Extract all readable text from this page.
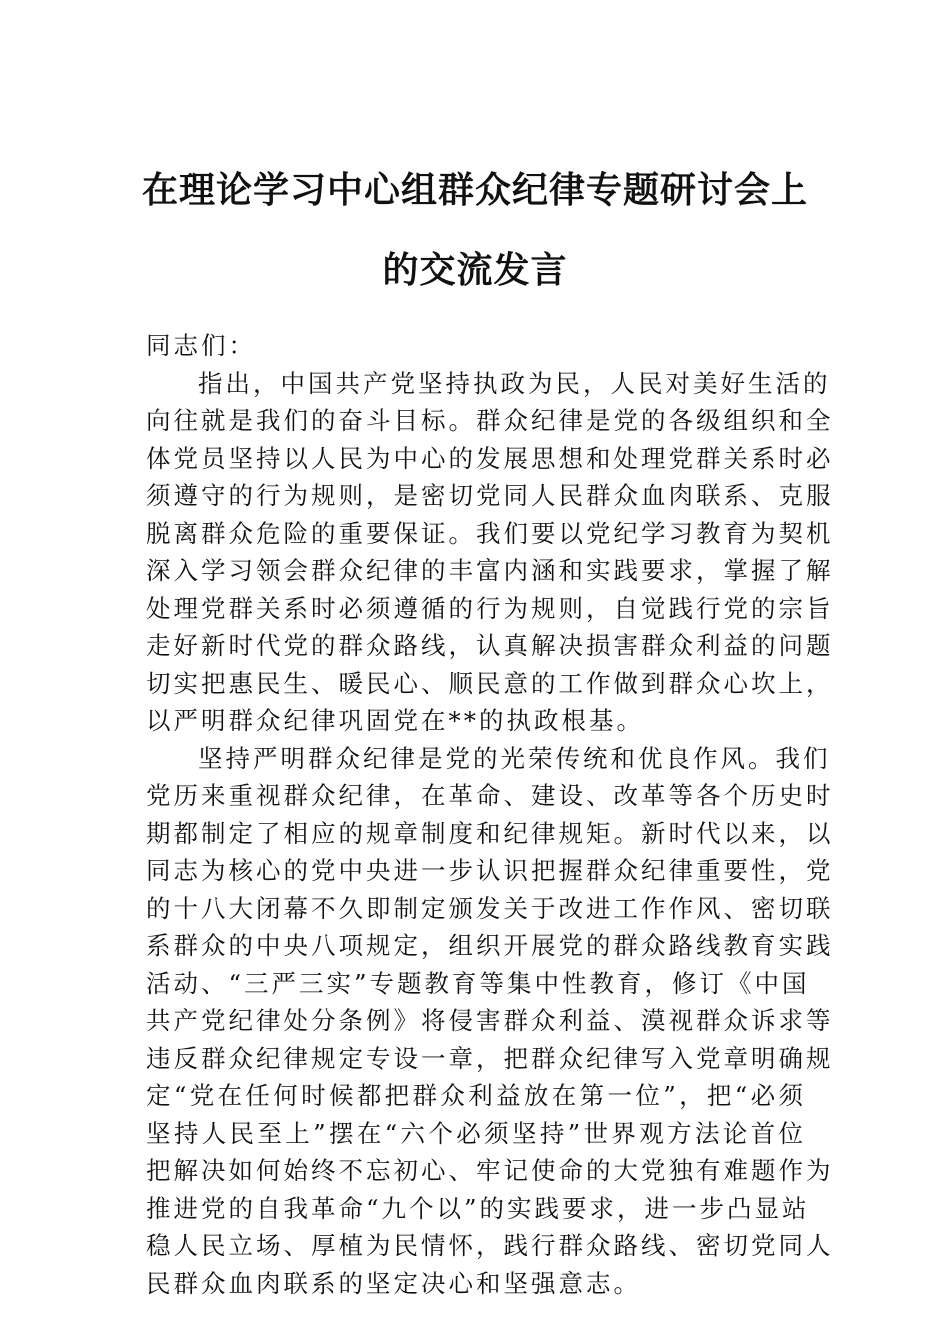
在理论学习中心组群众纪律专题研讨会上

的交流发言

同志们：

指出，中国共产党坚持执政为民，人民对美好生活的
向往就是我们的奋斗目标。群众纪律是党的各级组织和全
体党员坚持以人民为中心的发展思想和处理党群关系时必
须遵守的行为规则，是密切党同人民群众血肉联系、克服
脱离群众危险的重要保证。我们要以党纪学习教育为契机
深入学习领会群众纪律的丰富内涵和实践要求，掌握了解
处理党群关系时必须遵循的行为规则，自觉践行党的宗旨
走好新时代党的群众路线，认真解决损害群众利益的问题
切实把惠民生、暖民心、顺民意的工作做到群众心坎上，
以严明群众纪律巩固党在**的执政根基。
坚持严明群众纪律是党的光荣传统和优良作风。我们
党历来重视群众纪律，在革命、建设、改革等各个历史时
期都制定了相应的规章制度和纪律规矩。新时代以来，以
同志为核心的党中央进一步认识把握群众纪律重要性，党
的十八大闭幕不久即制定颁发关于改进工作作风、密切联
系群众的中央八项规定，组织开展党的群众路线教育实践
活动、“三严三实”专题教育等集中性教育，修订《中国
共产党纪律处分条例》将侵害群众利益、漠视群众诉求等
违反群众纪律规定专设一章，把群众纪律写入党章明确规
定“党在任何时候都把群众利益放在第一位”，把“必须
坚持人民至上”摆在“六个必须坚持”世界观方法论首位
把解决如何始终不忘初心、牢记使命的大党独有难题作为
推进党的自我革命“九个以”的实践要求，进一步凸显站
稳人民立场、厚植为民情怀，践行群众路线、密切党同人
民群众血肉联系的坚定决心和坚强意志。
